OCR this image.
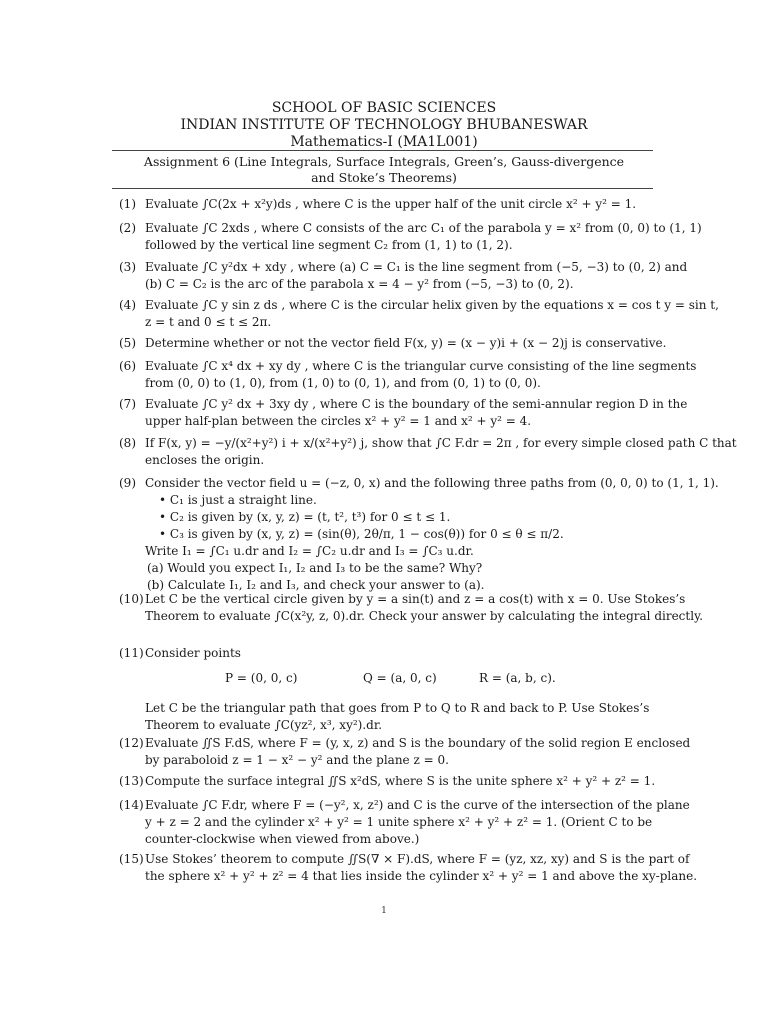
SCHOOL OF BASIC SCIENCES
INDIAN INSTITUTE OF TECHNOLOGY BHUBANESWAR
Mathematics-I (MA1L001)
Assignment 6 (Line Integrals, Surface Integrals, Green’s, Gauss-divergence
and Stoke’s Theorems)
(1) Evaluate ∫C(2x + x²y)ds , where C is the upper half of the unit circle x² + y² = 1.
(2) Evaluate ∫C 2xds , where C consists of the arc C₁ of the parabola y = x² from (0, 0) to (1, 1)
followed by the vertical line segment C₂ from (1, 1) to (1, 2).
(3) Evaluate ∫C y²dx + xdy , where (a) C = C₁ is the line segment from (−5, −3) to (0, 2) and
(b) C = C₂ is the arc of the parabola x = 4 − y² from (−5, −3) to (0, 2).
(4) Evaluate ∫C y sin z ds , where C is the circular helix given by the equations x = cos t y = sin t,
z = t and 0 ≤ t ≤ 2π.
(5) Determine whether or not the vector field F(x, y) = (x − y)i + (x − 2)j is conservative.
(6) Evaluate ∫C x⁴ dx + xy dy , where C is the triangular curve consisting of the line segments
from (0, 0) to (1, 0), from (1, 0) to (0, 1), and from (0, 1) to (0, 0).
(7) Evaluate ∫C y² dx + 3xy dy , where C is the boundary of the semi-annular region D in the
upper half-plan between the circles x² + y² = 1 and x² + y² = 4.
(8) If F(x, y) = −y/(x²+y²) i + x/(x²+y²) j, show that ∫C F.dr = 2π , for every simple closed path C that
encloses the origin.
(9) Consider the vector field u = (−z, 0, x) and the following three paths from (0, 0, 0) to (1, 1, 1).
• C₁ is just a straight line.
• C₂ is given by (x, y, z) = (t, t², t³) for 0 ≤ t ≤ 1.
• C₃ is given by (x, y, z) = (sin(θ), 2θ/π, 1 − cos(θ)) for 0 ≤ θ ≤ π/2.
Write I₁ = ∫C₁ u.dr and I₂ = ∫C₂ u.dr and I₃ = ∫C₃ u.dr.
(a) Would you expect I₁, I₂ and I₃ to be the same? Why?
(b) Calculate I₁, I₂ and I₃, and check your answer to (a).
(10) Let C be the vertical circle given by y = a sin(t) and z = a cos(t) with x = 0. Use Stokes’s
Theorem to evaluate ∫C(x²y, z, 0).dr. Check your answer by calculating the integral directly.
(11) Consider points
P = (0, 0, c)	Q = (a, 0, c)	R = (a, b, c).
Let C be the triangular path that goes from P to Q to R and back to P. Use Stokes’s
Theorem to evaluate ∫C(yz², x³, xy²).dr.
(12) Evaluate ∬S F.dS, where F = (y, x, z) and S is the boundary of the solid region E enclosed
by paraboloid z = 1 − x² − y² and the plane z = 0.
(13) Compute the surface integral ∬S x²dS, where S is the unite sphere x² + y² + z² = 1.
(14) Evaluate ∫C F.dr, where F = (−y², x, z²) and C is the curve of the intersection of the plane
y + z = 2 and the cylinder x² + y² = 1 unite sphere x² + y² + z² = 1. (Orient C to be
counter-clockwise when viewed from above.)
(15) Use Stokes’ theorem to compute ∬S(∇ × F).dS, where F = (yz, xz, xy) and S is the part of
the sphere x² + y² + z² = 4 that lies inside the cylinder x² + y² = 1 and above the xy-plane.
1
